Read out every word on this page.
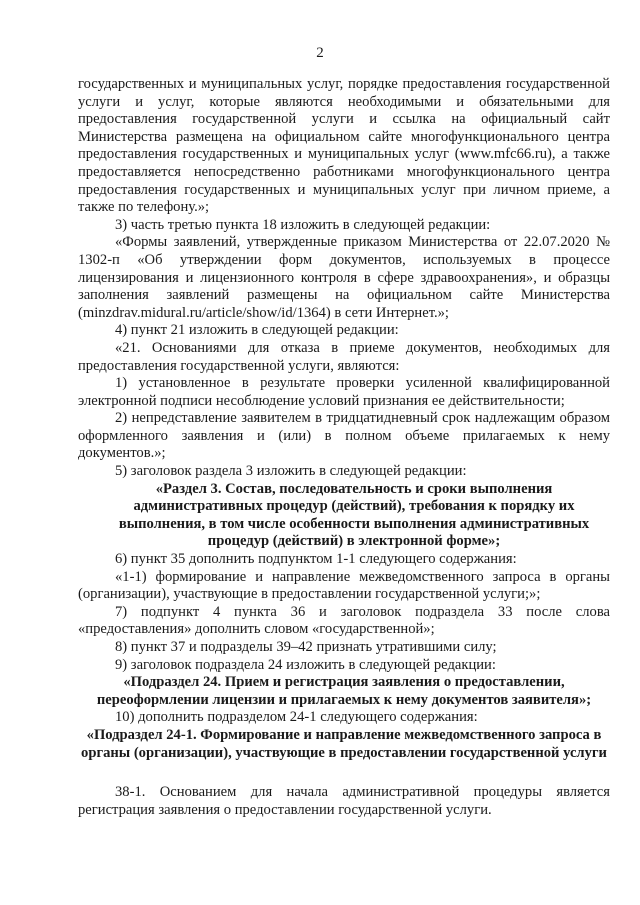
2

государственных и муниципальных услуг, порядке предоставления государственной услуги и услуг, которые являются необходимыми и обязательными для предоставления государственной услуги и ссылка на официальный сайт Министерства размещена на официальном сайте многофункционального центра предоставления государственных и муниципальных услуг (www.mfc66.ru), а также предоставляется непосредственно работниками многофункционального центра предоставления государственных и муниципальных услуг при личном приеме, а также по телефону.»;

3) часть третью пункта 18 изложить в следующей редакции:

«Формы заявлений, утвержденные приказом Министерства от 22.07.2020 № 1302-п «Об утверждении форм документов, используемых в процессе лицензирования и лицензионного контроля в сфере здравоохранения», и образцы заполнения заявлений размещены на официальном сайте Министерства (minzdrav.midural.ru/article/show/id/1364) в сети Интернет.»;

4) пункт 21 изложить в следующей редакции:

«21. Основаниями для отказа в приеме документов, необходимых для предоставления государственной услуги, являются:

1) установленное в результате проверки усиленной квалифицированной электронной подписи несоблюдение условий признания ее действительности;

2) непредставление заявителем в тридцатидневный срок надлежащим образом оформленного заявления и (или) в полном объеме прилагаемых к нему документов.»;

5) заголовок раздела 3 изложить в следующей редакции:

«Раздел 3. Состав, последовательность и сроки выполнения административных процедур (действий), требования к порядку их выполнения, в том числе особенности выполнения административных процедур (действий) в электронной форме»;

6) пункт 35 дополнить подпунктом 1-1 следующего содержания:

«1-1) формирование и направление межведомственного запроса в органы (организации), участвующие в предоставлении государственной услуги;»;

7) подпункт 4 пункта 36 и заголовок подраздела 33 после слова «предоставления» дополнить словом «государственной»;

8) пункт 37 и подразделы 39–42 признать утратившими силу;

9) заголовок подраздела 24 изложить в следующей редакции:

«Подраздел 24. Прием и регистрация заявления о предоставлении, переоформлении лицензии и прилагаемых к нему документов заявителя»;

10) дополнить подразделом 24-1 следующего содержания:

«Подраздел 24-1. Формирование и направление межведомственного запроса в органы (организации), участвующие в предоставлении государственной услуги

38-1. Основанием для начала административной процедуры является регистрация заявления о предоставлении государственной услуги.
